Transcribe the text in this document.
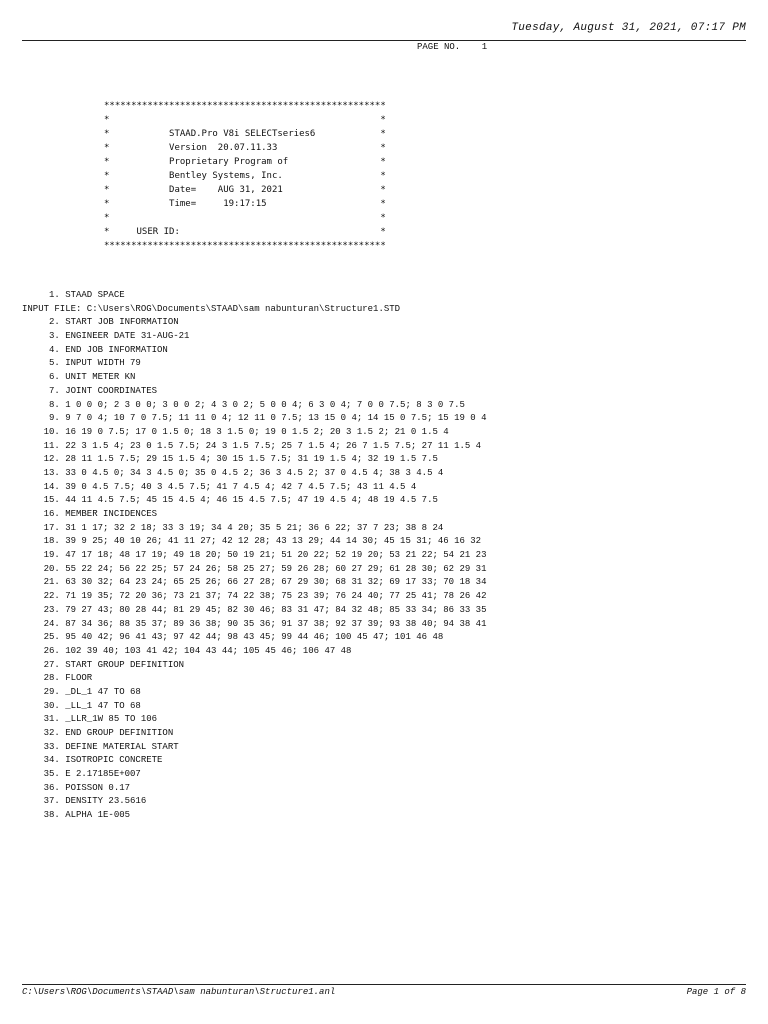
Tuesday, August 31, 2021, 07:17 PM
PAGE NO.    1
****************************************************
*                                                  *
*           STAAD.Pro V8i SELECTseries6            *
*           Version  20.07.11.33                   *
*           Proprietary Program of                 *
*           Bentley Systems, Inc.                  *
*           Date=    AUG 31, 2021                  *
*           Time=     19:17:15                     *
*                                                  *
*     USER ID:                                     *
****************************************************
1. STAAD SPACE
INPUT FILE: C:\Users\ROG\Documents\STAAD\sam nabunturan\Structure1.STD
2. START JOB INFORMATION
3. ENGINEER DATE 31-AUG-21
4. END JOB INFORMATION
5. INPUT WIDTH 79
6. UNIT METER KN
7. JOINT COORDINATES
8. 1 0 0 0; 2 3 0 0; 3 0 0 2; 4 3 0 2; 5 0 0 4; 6 3 0 4; 7 0 0 7.5; 8 3 0 7.5
9. 9 7 0 4; 10 7 0 7.5; 11 11 0 4; 12 11 0 7.5; 13 15 0 4; 14 15 0 7.5; 15 19 0 4
10. 16 19 0 7.5; 17 0 1.5 0; 18 3 1.5 0; 19 0 1.5 2; 20 3 1.5 2; 21 0 1.5 4
11. 22 3 1.5 4; 23 0 1.5 7.5; 24 3 1.5 7.5; 25 7 1.5 4; 26 7 1.5 7.5; 27 11 1.5 4
12. 28 11 1.5 7.5; 29 15 1.5 4; 30 15 1.5 7.5; 31 19 1.5 4; 32 19 1.5 7.5
13. 33 0 4.5 0; 34 3 4.5 0; 35 0 4.5 2; 36 3 4.5 2; 37 0 4.5 4; 38 3 4.5 4
14. 39 0 4.5 7.5; 40 3 4.5 7.5; 41 7 4.5 4; 42 7 4.5 7.5; 43 11 4.5 4
15. 44 11 4.5 7.5; 45 15 4.5 4; 46 15 4.5 7.5; 47 19 4.5 4; 48 19 4.5 7.5
16. MEMBER INCIDENCES
17. 31 1 17; 32 2 18; 33 3 19; 34 4 20; 35 5 21; 36 6 22; 37 7 23; 38 8 24
18. 39 9 25; 40 10 26; 41 11 27; 42 12 28; 43 13 29; 44 14 30; 45 15 31; 46 16 32
19. 47 17 18; 48 17 19; 49 18 20; 50 19 21; 51 20 22; 52 19 20; 53 21 22; 54 21 23
20. 55 22 24; 56 22 25; 57 24 26; 58 25 27; 59 26 28; 60 27 29; 61 28 30; 62 29 31
21. 63 30 32; 64 23 24; 65 25 26; 66 27 28; 67 29 30; 68 31 32; 69 17 33; 70 18 34
22. 71 19 35; 72 20 36; 73 21 37; 74 22 38; 75 23 39; 76 24 40; 77 25 41; 78 26 42
23. 79 27 43; 80 28 44; 81 29 45; 82 30 46; 83 31 47; 84 32 48; 85 33 34; 86 33 35
24. 87 34 36; 88 35 37; 89 36 38; 90 35 36; 91 37 38; 92 37 39; 93 38 40; 94 38 41
25. 95 40 42; 96 41 43; 97 42 44; 98 43 45; 99 44 46; 100 45 47; 101 46 48
26. 102 39 40; 103 41 42; 104 43 44; 105 45 46; 106 47 48
27. START GROUP DEFINITION
28. FLOOR
29. _DL_1 47 TO 68
30. _LL_1 47 TO 68
31. _LLR_1W 85 TO 106
32. END GROUP DEFINITION
33. DEFINE MATERIAL START
34. ISOTROPIC CONCRETE
35. E 2.17185E+007
36. POISSON 0.17
37. DENSITY 23.5616
38. ALPHA 1E-005
C:\Users\ROG\Documents\STAAD\sam nabunturan\Structure1.anl	Page 1 of 8
